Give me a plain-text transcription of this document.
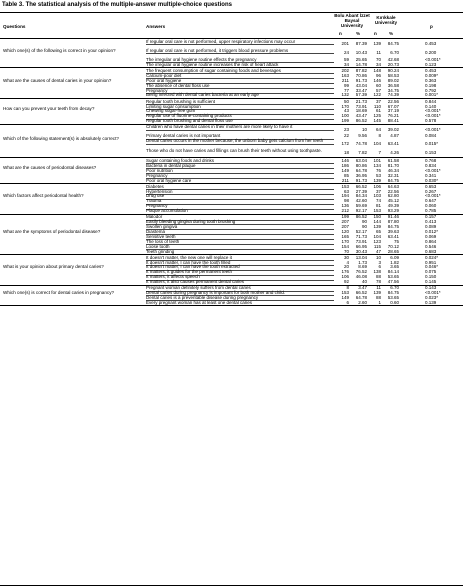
Table 3. The statistical analysis of the multiple-answer multiple-choice questions
Questions	Answers
Bolu Abant İzzet Baysal University
Kırıkkale University
n	%	n	%
p
Which one(s) of the following is correct in your opinion?
If regular oral care is not performed, upper respiratory infections may occur	201	87.39	139	84.75	0.453
If regular oral care is not performed, it triggers blood pressure problems	24	10.43	11	6.70	0.200
The irregular oral hygiene routine effects the pregnancy	59	25.65	70	42.68	<0.001*
The irregular oral hygiene routine increases the risk of heart attack	34	14.78	34	20.73	0.123
What are the causes of dental caries in your opinion?
The frequent consumption of sugar containing foods and beverages	202	87.82	148	90.24	0.453
Calcium-poor diet	163	70.86	96	58.53	0.009*
Poor oral hygiene	211	91.73	146	89.02	0.363
The absence of dental floss use	99	43.04	60	36.58	0.198
Pregnancy	77	33.47	57	34.75	0.792
Being infected with dental caries bacteria at an early age	132	57.39	122	74.39	0.001*
How can you prevent your teeth from decay?
Regular tooth brushing is sufficient	50	21.73	37	22.56	0.844
Limiting sugar consumption	170	73.91	110	67.07	0.140
Chewing sugar-free gum	43	18.69	61	37.19	<0.001*
Regular use of fluorine-containing products	100	43.47	125	76.21	<0.001*
Regular tooth brushing and dental floss use	199	86.52	145	88.41	0.578
Which of the following statement(s) is absolutely correct?
Children who have dental caries in their mothers are more likely to have it	23	10	64	39.02	<0.001*
Primary dental caries is not important	22	9.56	8	4.87	0.084
Dental caries occurs in the mother because, the unborn baby gets calcium from her teeth	172	74.78	104	63.41	0.015*
Those who do not have caries and fillings can brush their teeth without using toothpaste.	18	7.82	7	4.26	0.153
What are the causes of periodontal diseases?
Sugar containing foods and drinks	146	63.04	101	61.58	0.768
Bacteria in dental plaque	186	80.86	134	81.70	0.834
Poor nutrition	149	64.78	76	46.34	<0.001*
Pregnancy	85	36.95	53	32.31	0.341
Poor oral hygiene care	211	91.73	139	84.75	0.030*
Which factors affect periodontal health?
Diabetes	153	66.52	106	64.63	0.653
Hypertension	63	27.39	37	22.56	0.267
Drug use	194	84.34	103	62.80	<0.001*
Trauma	98	42.60	74	45.12	0.647
Pregnancy	136	59.69	81	49.39	0.060
Plaque accumulation	212	92.17	153	93.29	0.785
What are the symptoms of periodontal disease?
Malodor	199	86.52	150	91.46	0.157
Easily bleeding gingiva during tooth brushing	207	90	144	87.80	0.413
Swollen gingiva	207	90	139	84.75	0.089
Diastema	120	52.17	65	39.63	0.012*
Sensitive teeth	165	71.73	104	63.41	0.069
The loss of teeth	170	73.91	123	75	0.864
Loose tooth	154	66.95	115	70.12	0.546
Teeth grinding	70	30.43	47	28.65	0.683
What is your opinion about primary dental caries?
It doesn't matter, the new one will replace it	30	13.04	10	6.09	0.024*
It doesn't matter, I can have the tooth filled	4	1.73	3	1.82	0.951
It doesn't matter, I can have the tooth extracted	20	8.69	6	3.65	0.046*
It matters, it guides for the permanent teeth	176	76.52	138	84.14	0.075
It matters, it affects speech	106	46.08	88	53.65	0.150
It matters, it also causes permanent dental caries	92	40	78	47.56	0.145
Which one(s) is correct for dental caries in pregnancy?
Pregnant woman definitely suffers from dental caries	8	3.47	11	6.70	0.143
Dental caries during pregnancy is important for both mother and child.	153	66.52	139	84.75	<0.001*
Dental caries is a preventable disease during pregnancy	149	64.78	88	53.65	0.023*
Every pregnant woman has at least one dental caries	6	2.60	1	0.60	0.139
